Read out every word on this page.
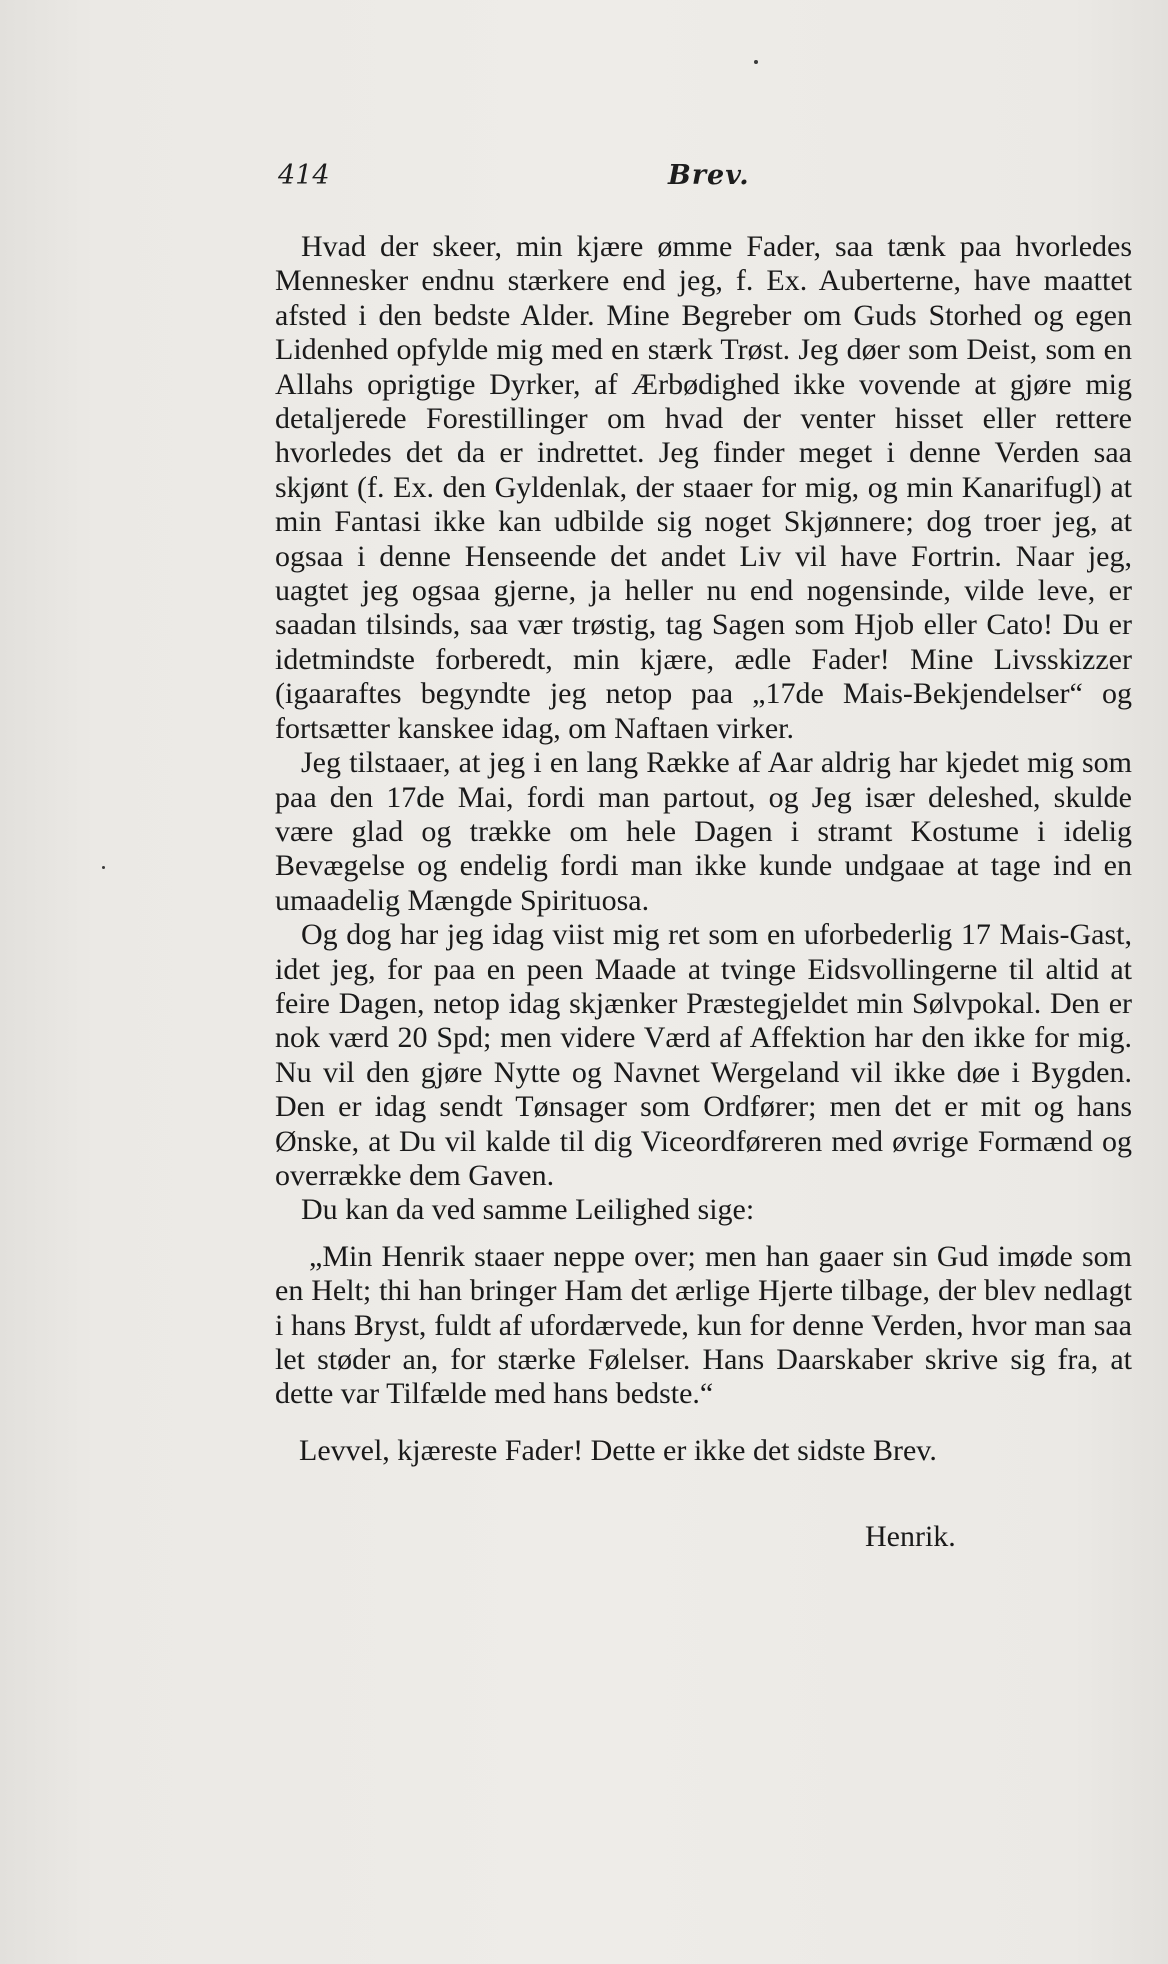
414	Brev.

Hvad der skeer, min kjære ømme Fader, saa tænk paa hvorledes Mennesker endnu stærkere end jeg, f. Ex. Auberterne, have maattet afsted i den bedste Alder. Mine Begreber om Guds Storhed og egen Lidenhed opfylde mig med en stærk Trøst. Jeg døer som Deist, som en Allahs oprigtige Dyrker, af Ærbødighed ikke vovende at gjøre mig detaljerede Forestillinger om hvad der venter hisset eller rettere hvorledes det da er indrettet. Jeg finder meget i denne Verden saa skjønt (f. Ex. den Gyldenlak, der staaer for mig, og min Kanarifugl) at min Fantasi ikke kan udbilde sig noget Skjønnere; dog troer jeg, at ogsaa i denne Henseende det andet Liv vil have Fortrin. Naar jeg, uagtet jeg ogsaa gjerne, ja heller nu end nogensinde, vilde leve, er saadan tilsinds, saa vær trøstig, tag Sagen som Hjob eller Cato! Du er idetmindste forberedt, min kjære, ædle Fader! Mine Livsskizzer (igaaraftes begyndte jeg netop paa „17de Mais-Bekjendelser“ og fortsætter kanskee idag, om Naftaen virker.

Jeg tilstaaer, at jeg i en lang Række af Aar aldrig har kjedet mig som paa den 17de Mai, fordi man partout, og Jeg især deleshed, skulde være glad og trække om hele Dagen i stramt Kostume i idelig Bevægelse og endelig fordi man ikke kunde undgaae at tage ind en umaadelig Mængde Spirituosa.

Og dog har jeg idag viist mig ret som en uforbederlig 17 Mais-Gast, idet jeg, for paa en peen Maade at tvinge Eidsvollingerne til altid at feire Dagen, netop idag skjænker Præstegjeldet min Sølvpokal. Den er nok værd 20 Spd; men videre Værd af Affektion har den ikke for mig. Nu vil den gjøre Nytte og Navnet Wergeland vil ikke døe i Bygden. Den er idag sendt Tønsager som Ordfører; men det er mit og hans Ønske, at Du vil kalde til dig Viceordføreren med øvrige Formænd og overrække dem Gaven.

Du kan da ved samme Leilighed sige:

„Min Henrik staaer neppe over; men han gaaer sin Gud imøde som en Helt; thi han bringer Ham det ærlige Hjerte tilbage, der blev nedlagt i hans Bryst, fuldt af ufordærvede, kun for denne Verden, hvor man saa let støder an, for stærke Følelser. Hans Daarskaber skrive sig fra, at dette var Tilfælde med hans bedste.“

Levvel, kjæreste Fader! Dette er ikke det sidste Brev.

Henrik.
